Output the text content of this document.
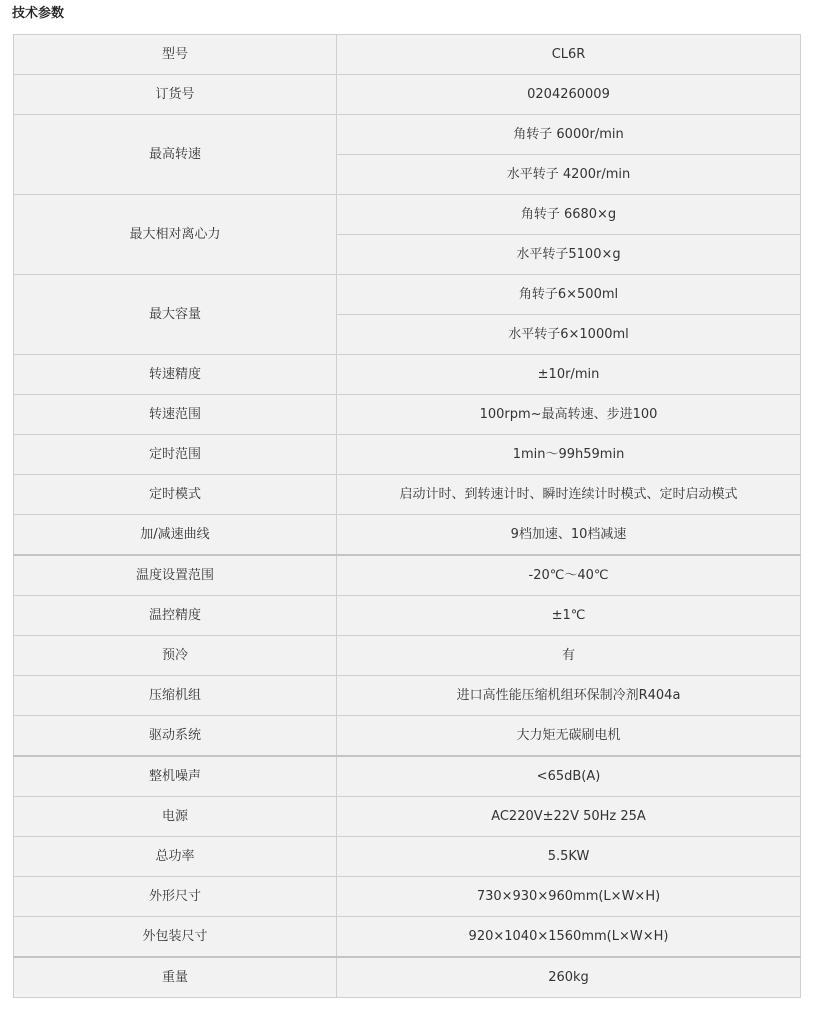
技术参数
型号	CL6R
订货号	0204260009
最高转速	角转子 6000r/min
	水平转子 4200r/min
最大相对离心力	角转子 6680×g
	水平转子5100×g
最大容量	角转子6×500ml
	水平转子6×1000ml
转速精度	±10r/min
转速范围	100rpm~最高转速、步进100
定时范围	1min～99h59min
定时模式	启动计时、到转速计时、瞬时连续计时模式、定时启动模式
加/减速曲线	9档加速、10档减速
温度设置范围	-20℃～40℃
温控精度	±1℃
预冷	有
压缩机组	进口高性能压缩机组环保制冷剂R404a
驱动系统	大力矩无碳刷电机
整机噪声	<65dB(A)
电源	AC220V±22V 50Hz 25A
总功率	5.5KW
外形尺寸	730×930×960mm(L×W×H)
外包装尺寸	920×1040×1560mm(L×W×H)
重量	260kg
